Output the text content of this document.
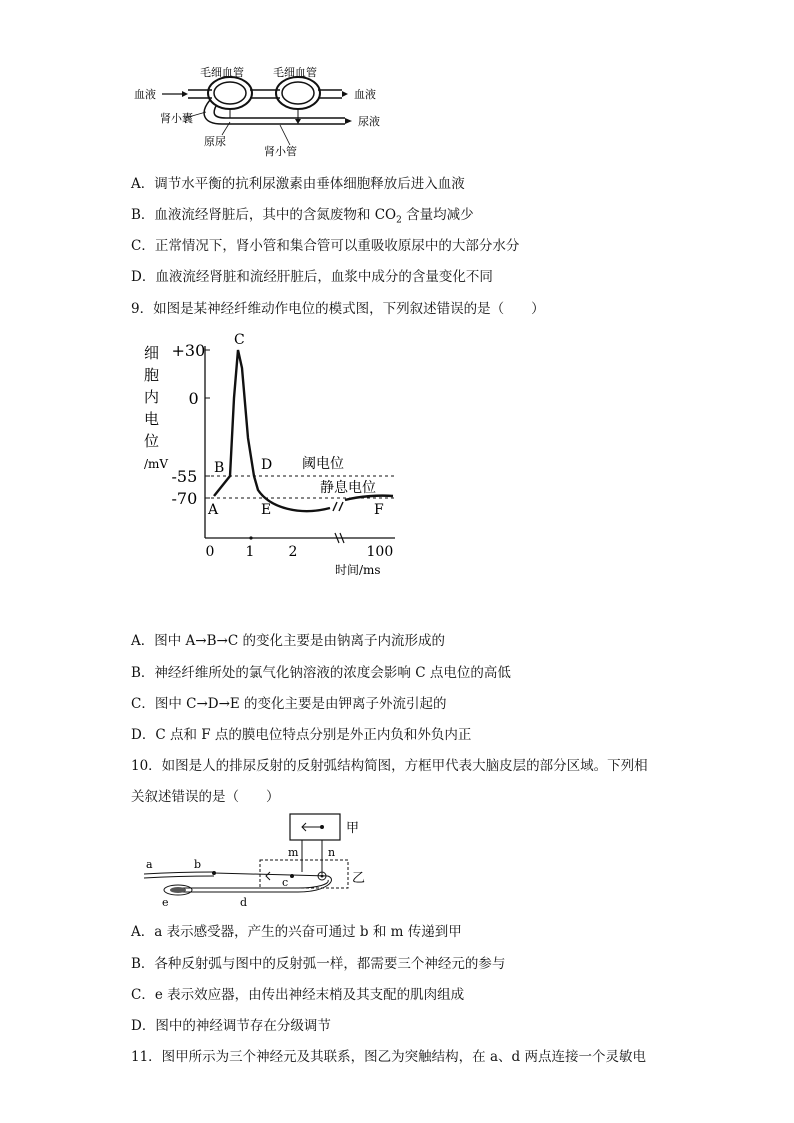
毛细血管	毛细血管
血液	血液
尿液
肾小囊
原尿
肾小管
A．调节水平衡的抗利尿激素由垂体细胞释放后进入血液
B．血液流经肾脏后，其中的含氮废物和 $CO_2$ 含量均减少
C．正常情况下，肾小管和集合管可以重吸收原尿中的大部分水分
D．血液流经肾脏和流经肝脏后，血浆中成分的含量变化不同
9．如图是某神经纤维动作电位的模式图，下列叙述错误的是（　　）
细
胞
内
电
位
/mV
+30
0
-55
-70
0 1 2	100
A
B
C
D
E	F
阈电位
静息电位
时间/ms
A．图中 A→B→C 的变化主要是由钠离子内流形成的
B．神经纤维所处的氯气化钠溶液的浓度会影响 C 点电位的高低
C．图中 C→D→E 的变化主要是由钾离子外流引起的
D．C 点和 F 点的膜电位特点分别是外正内负和外负内正
10．如图是人的排尿反射的反射弧结构简图，方框甲代表大脑皮层的部分区域。下列相
关叙述错误的是（　　）
甲
乙
m	n
a	b
c
d
e
A．a 表示感受器，产生的兴奋可通过 b 和 m 传递到甲
B．各种反射弧与图中的反射弧一样，都需要三个神经元的参与
C．e 表示效应器，由传出神经末梢及其支配的肌肉组成
D．图中的神经调节存在分级调节
11．图甲所示为三个神经元及其联系，图乙为突触结构，在 a、d 两点连接一个灵敏电
